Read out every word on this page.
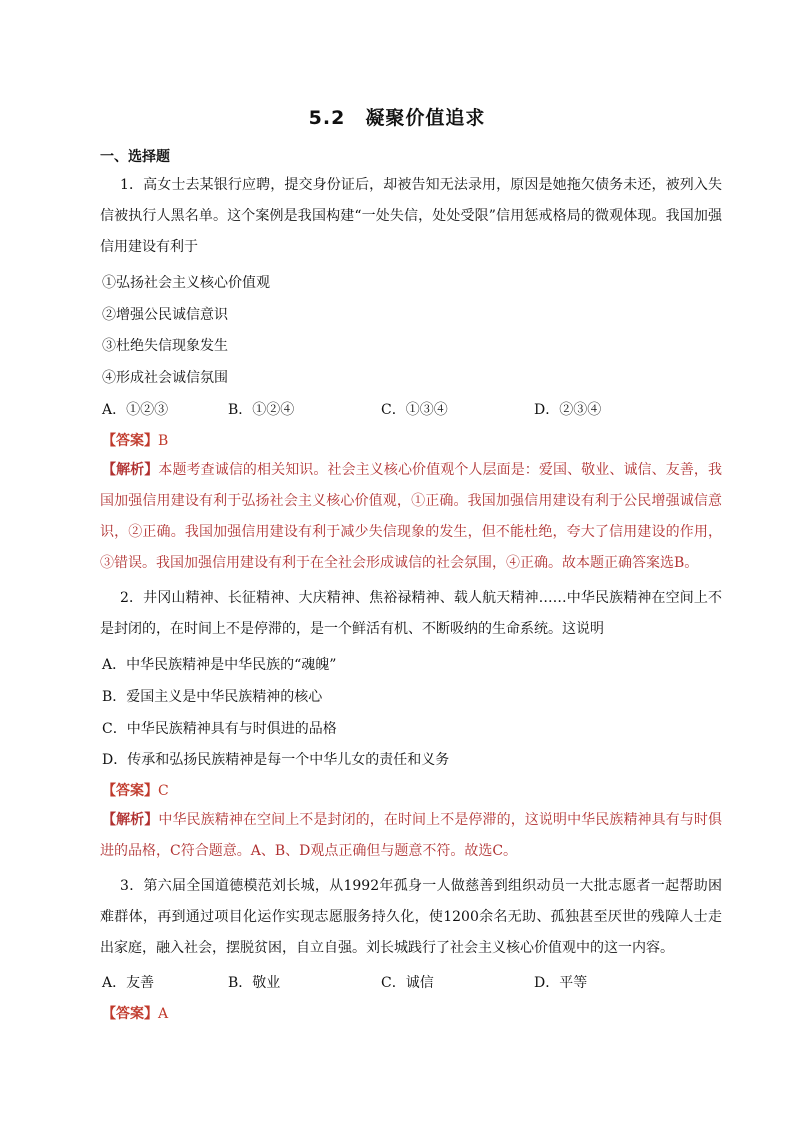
5.2　凝聚价值追求
一、选择题
1．高女士去某银行应聘，提交身份证后，却被告知无法录用，原因是她拖欠债务未还，被列入失信被执行人黑名单。这个案例是我国构建“一处失信，处处受限”信用惩戒格局的微观体现。我国加强信用建设有利于
①弘扬社会主义核心价值观
②增强公民诚信意识
③杜绝失信现象发生
④形成社会诚信氛围
A．①②③	B．①②④	C．①③④	D．②③④
【答案】B
【解析】本题考查诚信的相关知识。社会主义核心价值观个人层面是：爱国、敬业、诚信、友善，我国加强信用建设有利于弘扬社会主义核心价值观，①正确。我国加强信用建设有利于公民增强诚信意识，②正确。我国加强信用建设有利于减少失信现象的发生，但不能杜绝，夸大了信用建设的作用，③错误。我国加强信用建设有利于在全社会形成诚信的社会氛围，④正确。故本题正确答案选B。
2．井冈山精神、长征精神、大庆精神、焦裕禄精神、载人航天精神……中华民族精神在空间上不是封闭的，在时间上不是停滞的，是一个鲜活有机、不断吸纳的生命系统。这说明
A．中华民族精神是中华民族的“魂魄”
B．爱国主义是中华民族精神的核心
C．中华民族精神具有与时俱进的品格
D．传承和弘扬民族精神是每一个中华儿女的责任和义务
【答案】C
【解析】中华民族精神在空间上不是封闭的，在时间上不是停滞的，这说明中华民族精神具有与时俱进的品格，C符合题意。A、B、D观点正确但与题意不符。故选C。
3．第六届全国道德模范刘长城，从1992年孤身一人做慈善到组织动员一大批志愿者一起帮助困难群体，再到通过项目化运作实现志愿服务持久化，使1200余名无助、孤独甚至厌世的残障人士走出家庭，融入社会，摆脱贫困，自立自强。刘长城践行了社会主义核心价值观中的这一内容。
A．友善	B．敬业	C．诚信	D．平等
【答案】A
